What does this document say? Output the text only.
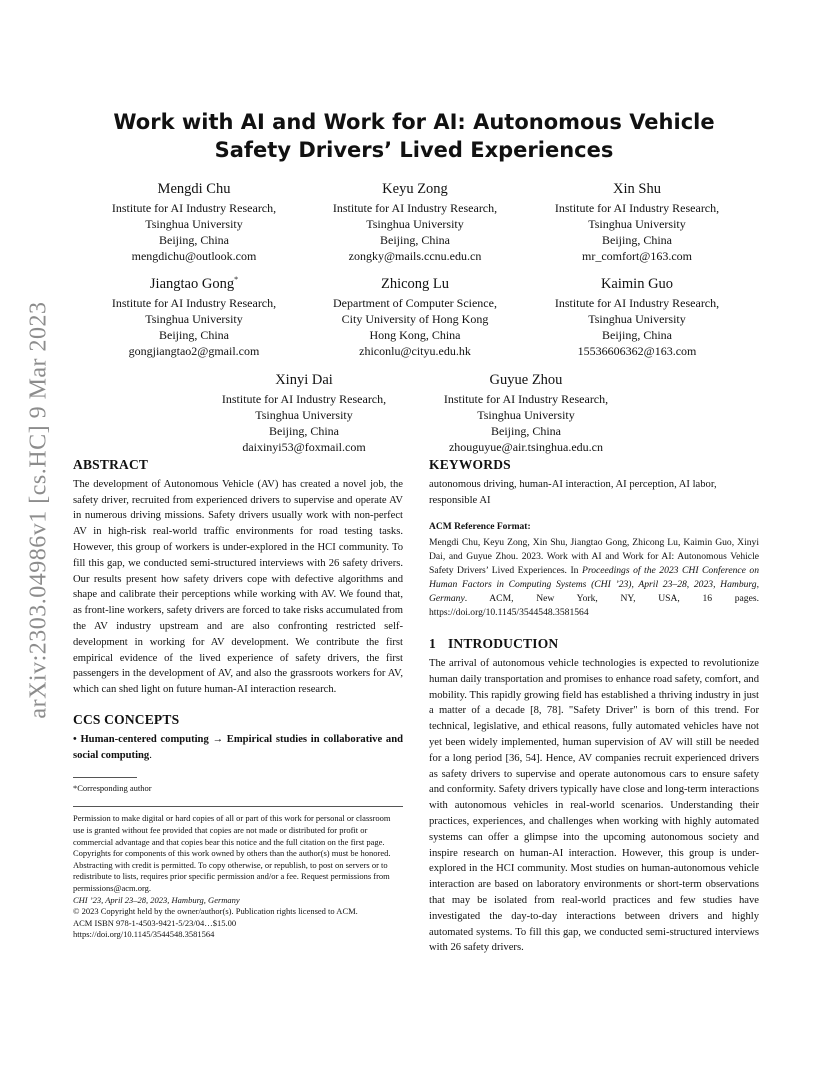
arXiv:2303.04986v1 [cs.HC] 9 Mar 2023
Work with AI and Work for AI: Autonomous Vehicle Safety Drivers’ Lived Experiences
Mengdi Chu
Institute for AI Industry Research,
Tsinghua University
Beijing, China
mengdichu@outlook.com
Keyu Zong
Institute for AI Industry Research,
Tsinghua University
Beijing, China
zongky@mails.ccnu.edu.cn
Xin Shu
Institute for AI Industry Research,
Tsinghua University
Beijing, China
mr_comfort@163.com
Jiangtao Gong*
Institute for AI Industry Research,
Tsinghua University
Beijing, China
gongjiangtao2@gmail.com
Zhicong Lu
Department of Computer Science,
City University of Hong Kong
Hong Kong, China
zhiconlu@cityu.edu.hk
Kaimin Guo
Institute for AI Industry Research,
Tsinghua University
Beijing, China
15536606362@163.com
Xinyi Dai
Institute for AI Industry Research,
Tsinghua University
Beijing, China
daixinyi53@foxmail.com
Guyue Zhou
Institute for AI Industry Research,
Tsinghua University
Beijing, China
zhouguyue@air.tsinghua.edu.cn
ABSTRACT

The development of Autonomous Vehicle (AV) has created a novel job, the safety driver, recruited from experienced drivers to supervise and operate AV in numerous driving missions. Safety drivers usually work with non-perfect AV in high-risk real-world traffic environments for road testing tasks. However, this group of workers is under-explored in the HCI community. To fill this gap, we conducted semi-structured interviews with 26 safety drivers. Our results present how safety drivers cope with defective algorithms and shape and calibrate their perceptions while working with AV. We found that, as front-line workers, safety drivers are forced to take risks accumulated from the AV industry upstream and are also confronting restricted self-development in working for AV development. We contribute the first empirical evidence of the lived experience of safety drivers, the first passengers in the development of AV, and also the grassroots workers for AV, which can shed light on future human-AI interaction research.

CCS CONCEPTS

• Human-centered computing → Empirical studies in collaborative and social computing.

*Corresponding author

Permission to make digital or hard copies of all or part of this work for personal or classroom use is granted without fee provided that copies are not made or distributed for profit or commercial advantage and that copies bear this notice and the full citation on the first page. Copyrights for components of this work owned by others than the author(s) must be honored. Abstracting with credit is permitted. To copy otherwise, or republish, to post on servers or to redistribute to lists, requires prior specific permission and/or a fee. Request permissions from permissions@acm.org.

CHI ’23, April 23–28, 2023, Hamburg, Germany
© 2023 Copyright held by the owner/author(s). Publication rights licensed to ACM.
ACM ISBN 978-1-4503-9421-5/23/04…$15.00
https://doi.org/10.1145/3544548.3581564
KEYWORDS

autonomous driving, human-AI interaction, AI perception, AI labor, responsible AI

ACM Reference Format:

Mengdi Chu, Keyu Zong, Xin Shu, Jiangtao Gong, Zhicong Lu, Kaimin Guo, Xinyi Dai, and Guyue Zhou. 2023. Work with AI and Work for AI: Autonomous Vehicle Safety Drivers’ Lived Experiences. In Proceedings of the 2023 CHI Conference on Human Factors in Computing Systems (CHI ’23), April 23–28, 2023, Hamburg, Germany. ACM, New York, NY, USA, 16 pages. https://doi.org/10.1145/3544548.3581564

1 INTRODUCTION

The arrival of autonomous vehicle technologies is expected to revolutionize human daily transportation and promises to enhance road safety, comfort, and mobility. This rapidly growing field has established a thriving industry in just a matter of a decade [8, 78]. "Safety Driver" is born of this trend. For technical, legislative, and ethical reasons, fully automated vehicles have not yet been widely implemented, human supervision of AV will still be needed for a long period [36, 54]. Hence, AV companies recruit experienced drivers as safety drivers to supervise and operate autonomous cars to ensure safety and conformity. Safety drivers typically have close and long-term interactions with autonomous vehicles in real-world scenarios. Understanding their practices, experiences, and challenges when working with highly automated systems can offer a glimpse into the upcoming autonomous society and inspire research on human-AI interaction. However, this group is under-explored in the HCI community. Most studies on human-autonomous vehicle interaction are based on laboratory environments or short-term observations that may be isolated from real-world practices and few studies have investigated the day-to-day interactions between drivers and highly automated systems. To fill this gap, we conducted semi-structured interviews with 26 safety drivers.
